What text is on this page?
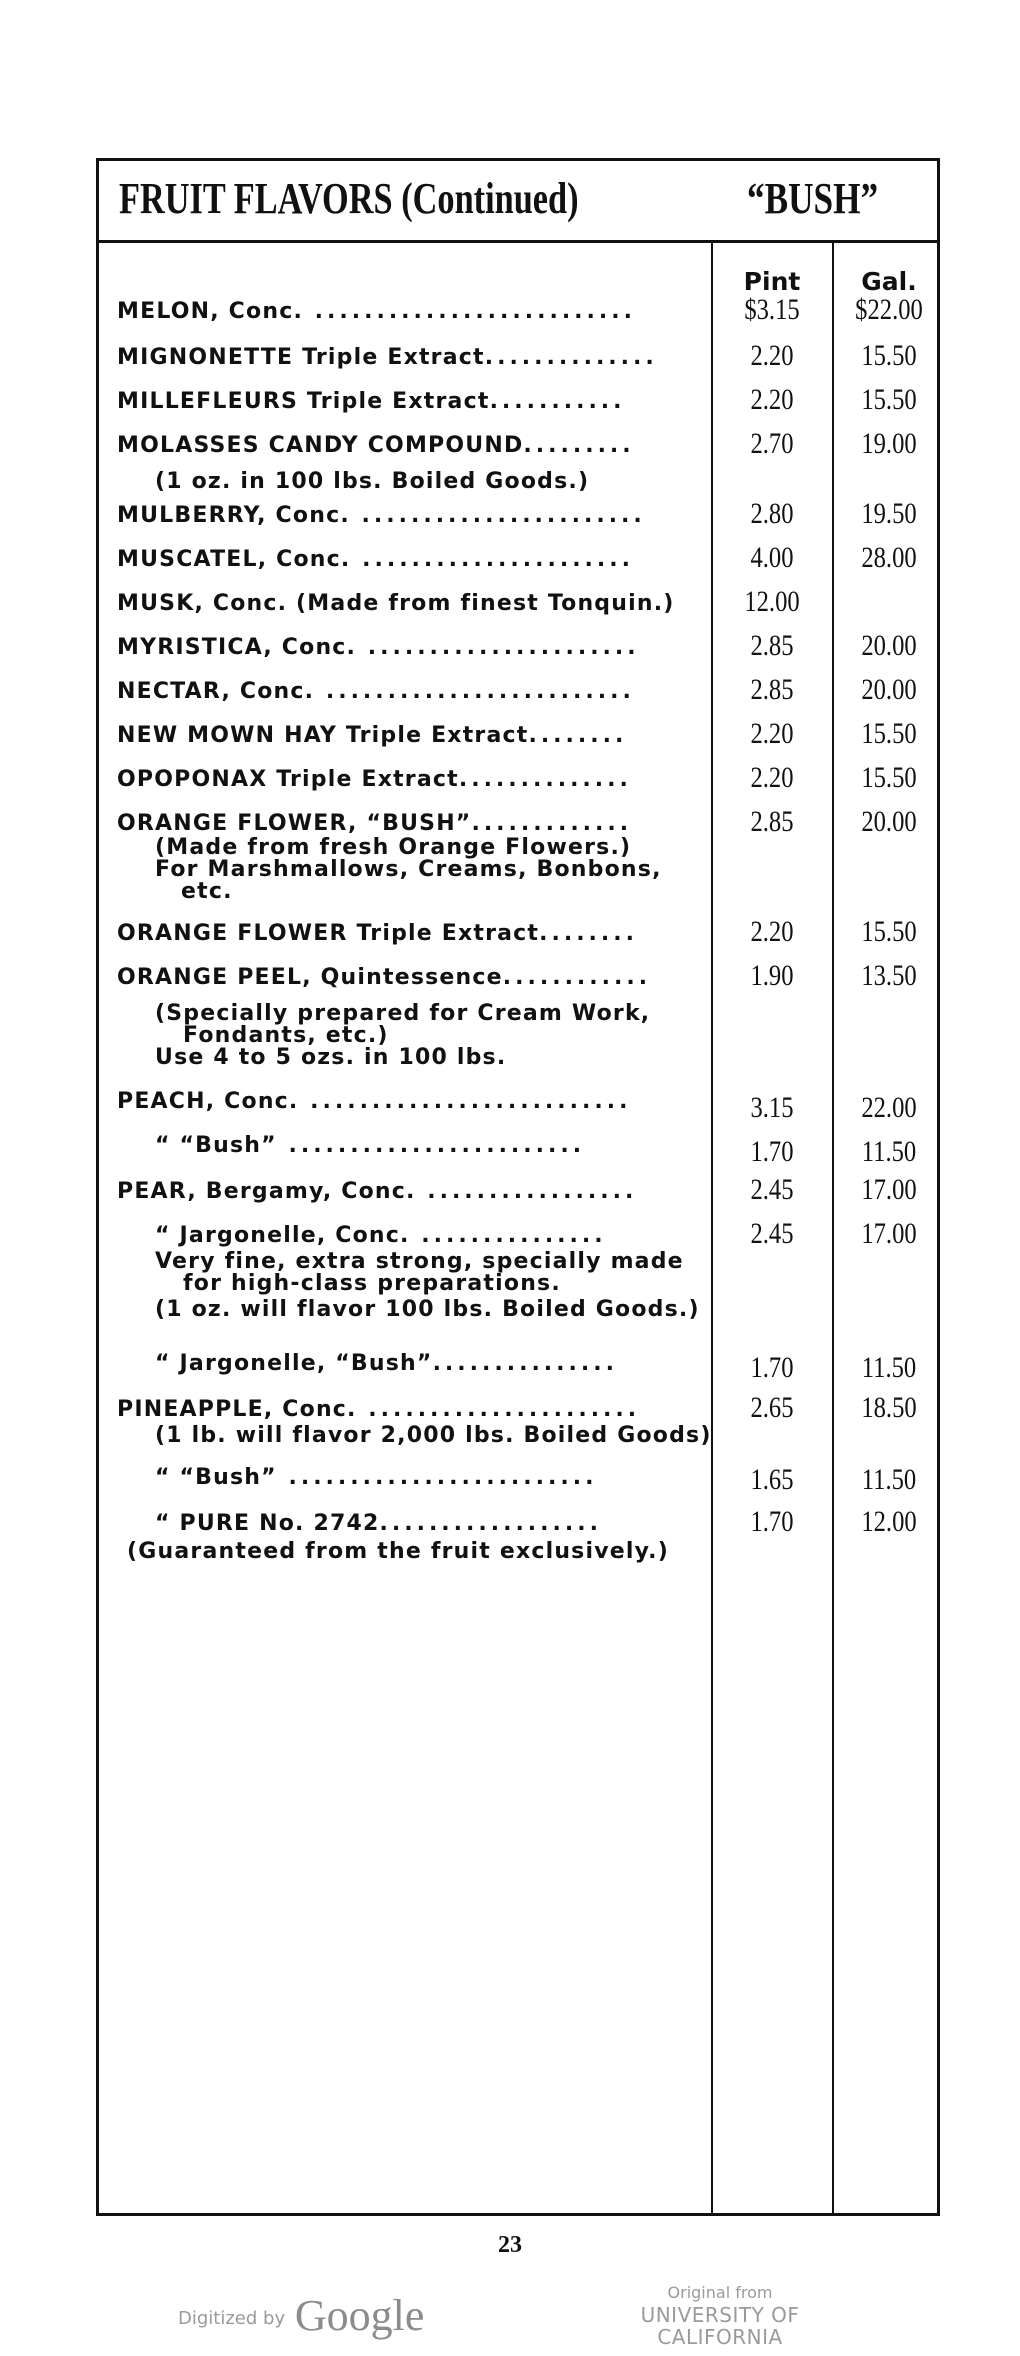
FRUIT FLAVORS (Continued)	“BUSH”
Pint	Gal.
MELON, Conc. ..........................	$3.15	$22.00
MIGNONETTE Triple Extract..............	2.20	15.50
MILLEFLEURS Triple Extract...........	2.20	15.50
MOLASSES CANDY COMPOUND.........	2.70	19.00
(1 oz. in 100 lbs. Boiled Goods.)
MULBERRY, Conc. .......................	2.80	19.50
MUSCATEL, Conc. ......................	4.00	28.00
MUSK, Conc. (Made from finest Tonquin.)	12.00
MYRISTICA, Conc. ......................	2.85	20.00
NECTAR, Conc. .........................	2.85	20.00
NEW MOWN HAY Triple Extract........	2.20	15.50
OPOPONAX Triple Extract..............	2.20	15.50
ORANGE FLOWER, “BUSH”.............	2.85	20.00
(Made from fresh Orange Flowers.)
For Marshmallows, Creams, Bonbons,
etc.
ORANGE FLOWER Triple Extract........	2.20	15.50
ORANGE PEEL, Quintessence............	1.90	13.50
(Specially prepared for Cream Work,
Fondants, etc.)
Use 4 to 5 ozs. in 100 lbs.
PEACH, Conc. ..........................	3.15	22.00
“ “Bush” ........................	1.70	11.50
PEAR, Bergamy, Conc. .................	2.45	17.00
“ Jargonelle, Conc. ...............	2.45	17.00
Very fine, extra strong, specially made
for high-class preparations.
(1 oz. will flavor 100 lbs. Boiled Goods.)
“ Jargonelle, “Bush”...............	1.70	11.50
PINEAPPLE, Conc. ......................	2.65	18.50
(1 lb. will flavor 2,000 lbs. Boiled Goods)
“ “Bush” .........................	1.65	11.50
“ PURE No. 2742..................	1.70	12.00
(Guaranteed from the fruit exclusively.)
23
Digitized by Google	Original from
UNIVERSITY OF CALIFORNIA
